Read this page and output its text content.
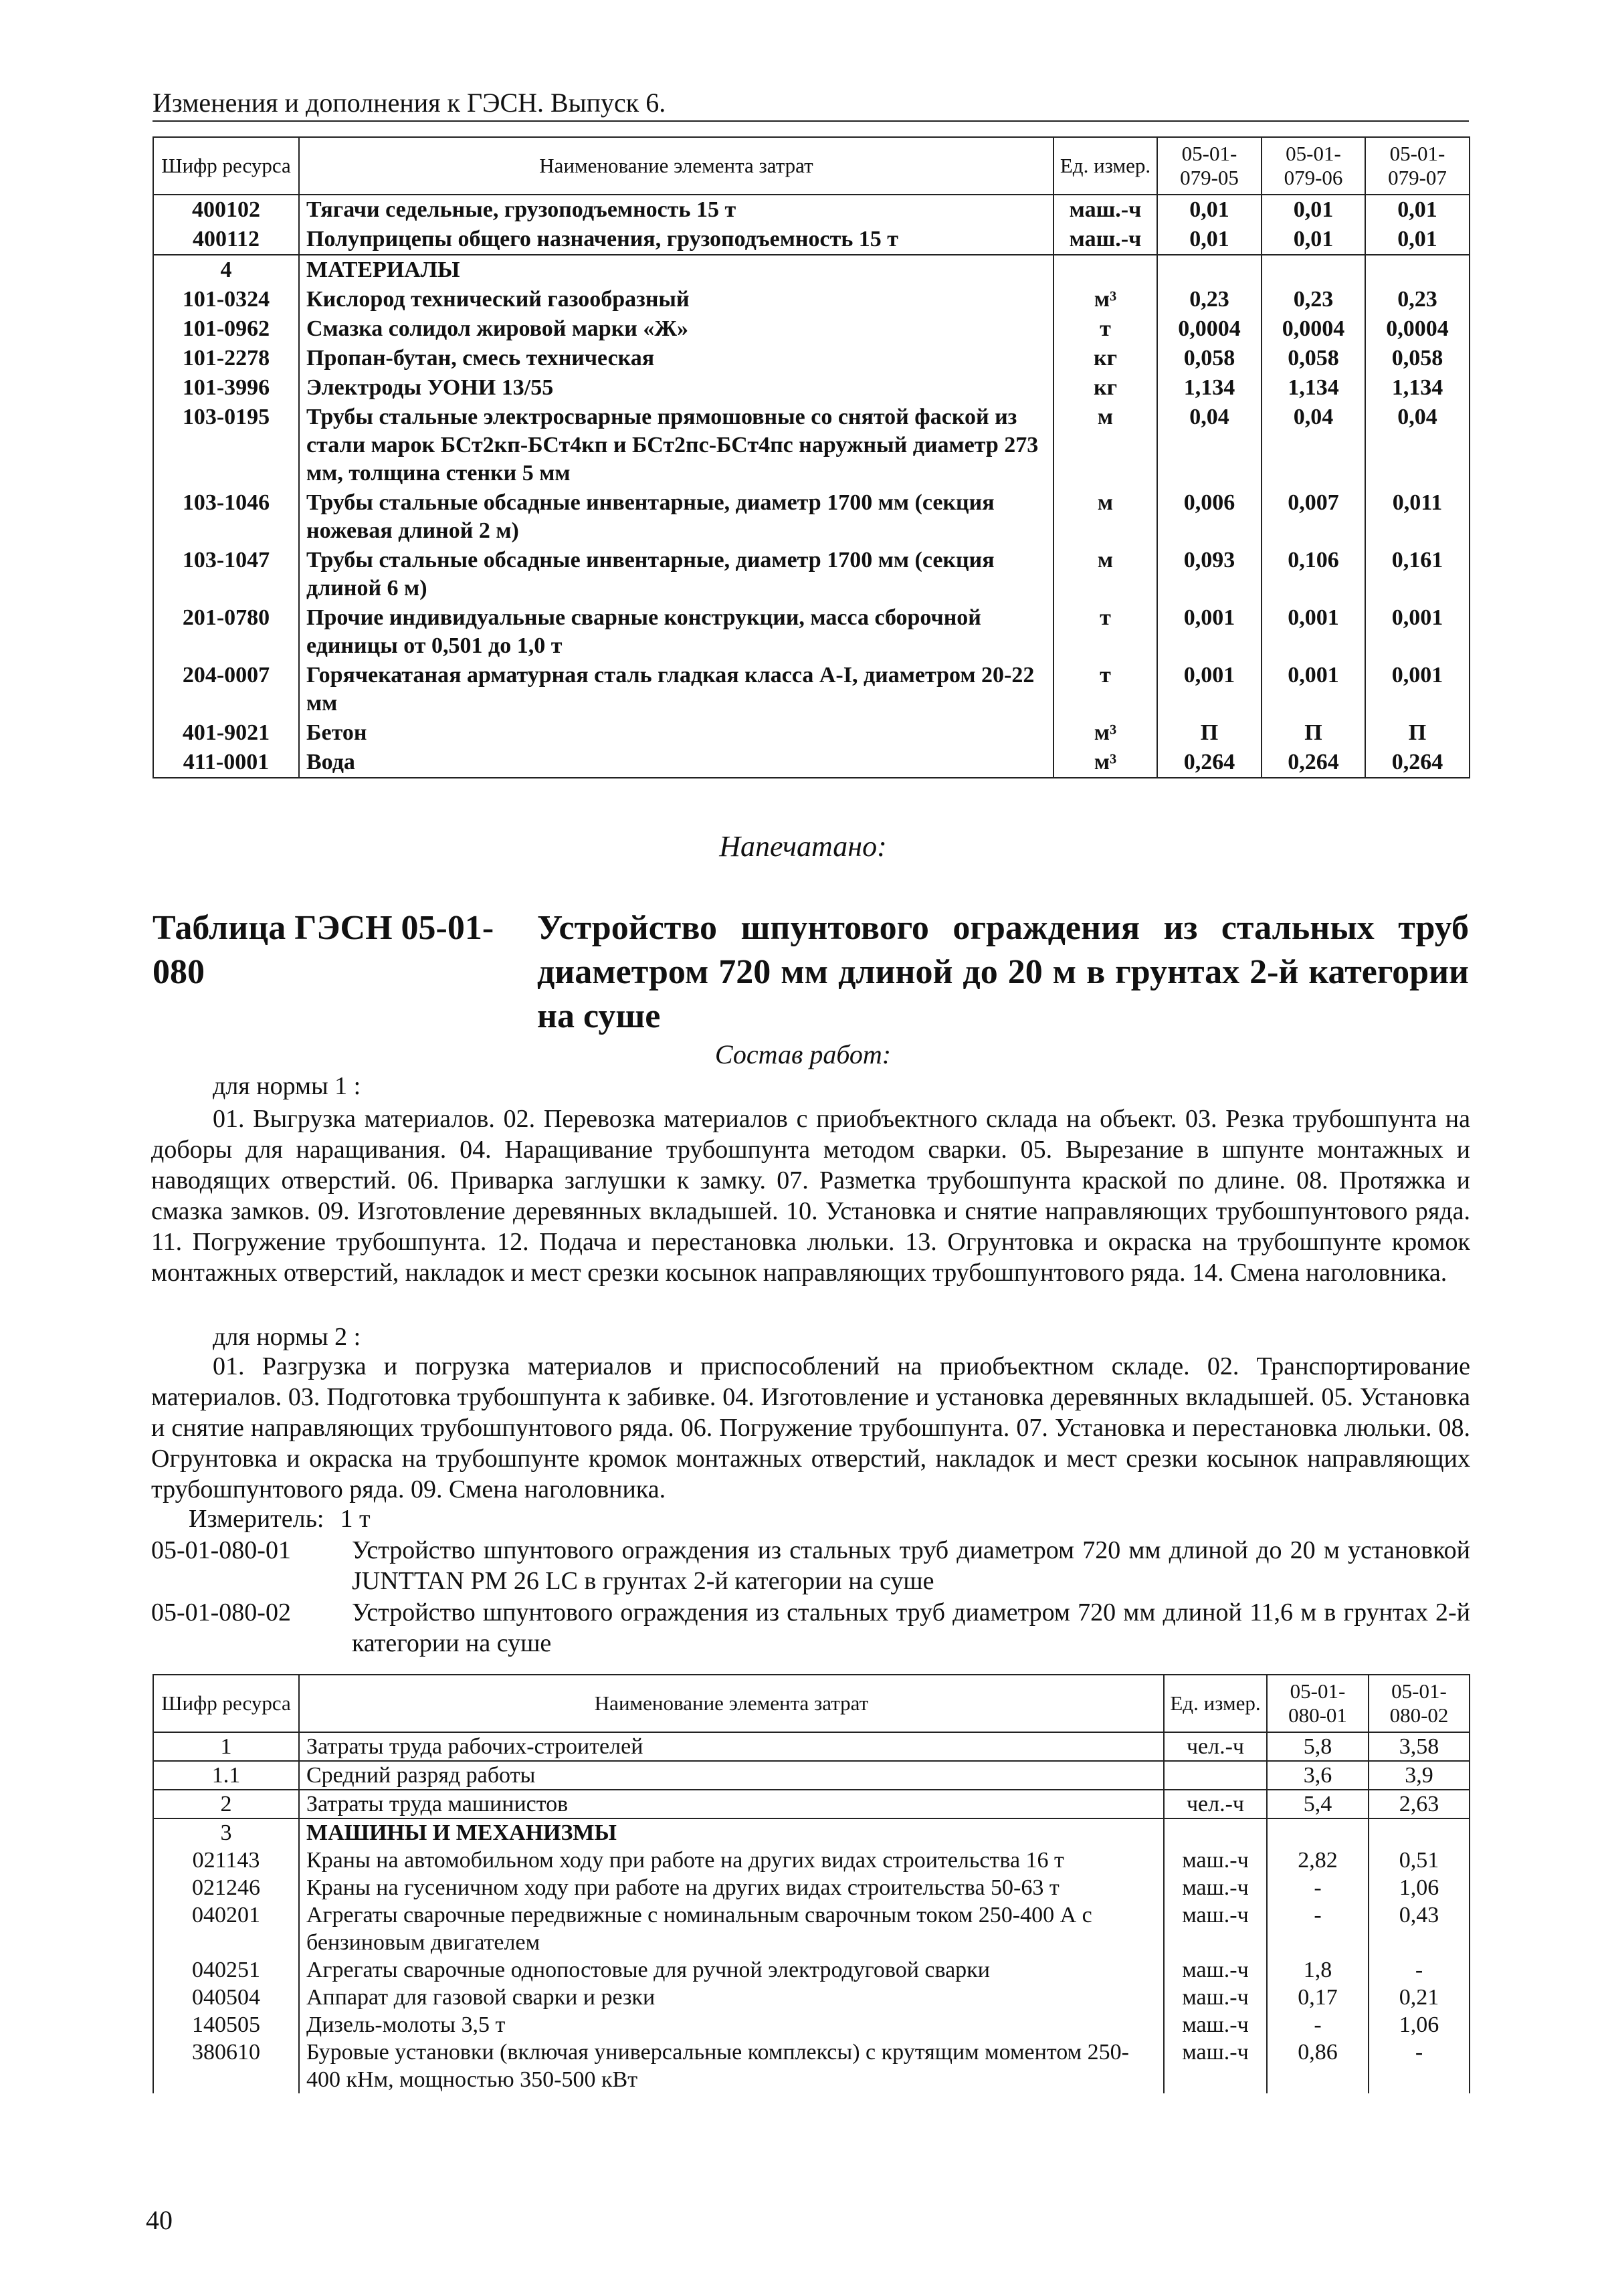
Изменения и дополнения к ГЭСН. Выпуск 6.
Шифр ресурса	Наименование элемента затрат	Ед. измер.	05-01-079-05	05-01-079-06	05-01-079-07
400102	Тягачи седельные, грузоподъемность 15 т	маш.-ч	0,01	0,01	0,01
400112	Полуприцепы общего назначения, грузоподъемность 15 т	маш.-ч	0,01	0,01	0,01
4	МАТЕРИАЛЫ				
101-0324	Кислород технический газообразный	м³	0,23	0,23	0,23
101-0962	Смазка солидол жировой марки «Ж»	т	0,0004	0,0004	0,0004
101-2278	Пропан-бутан, смесь техническая	кг	0,058	0,058	0,058
101-3996	Электроды УОНИ 13/55	кг	1,134	1,134	1,134
103-0195	Трубы стальные электросварные прямошовные со снятой фаской из стали марок БСт2кп-БСт4кп и БСт2пс-БСт4пс наружный диаметр 273 мм, толщина стенки 5 мм	м	0,04	0,04	0,04
103-1046	Трубы стальные обсадные инвентарные, диаметр 1700 мм (секция ножевая длиной 2 м)	м	0,006	0,007	0,011
103-1047	Трубы стальные обсадные инвентарные, диаметр 1700 мм (секция длиной 6 м)	м	0,093	0,106	0,161
201-0780	Прочие индивидуальные сварные конструкции, масса сборочной единицы от 0,501 до 1,0 т	т	0,001	0,001	0,001
204-0007	Горячекатаная арматурная сталь гладкая класса А-I, диаметром 20-22 мм	т	0,001	0,001	0,001
401-9021	Бетон	м³	П	П	П
411-0001	Вода	м³	0,264	0,264	0,264
Напечатано:
Таблица ГЭСН 05-01-080
Устройство шпунтового ограждения из стальных труб диаметром 720 мм длиной до 20 м в грунтах 2-й категории на суше
Состав работ:
для нормы 1 :

01. Выгрузка материалов. 02. Перевозка материалов с приобъектного склада на объект. 03. Резка трубошпунта на доборы для наращивания. 04. Наращивание трубошпунта методом сварки. 05. Вырезание в шпунте монтажных и наводящих отверстий. 06. Приварка заглушки к замку. 07. Разметка трубошпунта краской по длине. 08. Протяжка и смазка замков. 09. Изготовление деревянных вкладышей. 10. Установка и снятие направляющих трубошпунтового ряда. 11. Погружение трубошпунта. 12. Подача и перестановка люльки. 13. Огрунтовка и окраска на трубошпунте кромок монтажных отверстий, накладок и мест срезки косынок направляющих трубошпунтового ряда. 14. Смена наголовника.

для нормы 2 :

01. Разгрузка и погрузка материалов и приспособлений на приобъектном складе. 02. Транспортирование материалов. 03. Подготовка трубошпунта к забивке. 04. Изготовление и установка деревянных вкладышей. 05. Установка и снятие направляющих трубошпунтового ряда. 06. Погружение трубошпунта. 07. Установка и перестановка люльки. 08. Огрунтовка и окраска на трубошпунте кромок монтажных отверстий, накладок и мест срезки косынок направляющих трубошпунтового ряда. 09. Смена наголовника.

Измеритель: 1 т
05-01-080-01 Устройство шпунтового ограждения из стальных труб диаметром 720 мм длиной до 20 м установкой JUNTTAN PM 26 LC в грунтах 2-й категории на суше
05-01-080-02 Устройство шпунтового ограждения из стальных труб диаметром 720 мм длиной 11,6 м в грунтах 2-й категории на суше
Шифр ресурса	Наименование элемента затрат	Ед. измер.	05-01-080-01	05-01-080-02
1	Затраты труда рабочих-строителей	чел.-ч	5,8	3,58
1.1	Средний разряд работы		3,6	3,9
2	Затраты труда машинистов	чел.-ч	5,4	2,63
3	МАШИНЫ И МЕХАНИЗМЫ			
021143	Краны на автомобильном ходу при работе на других видах строительства 16 т	маш.-ч	2,82	0,51
021246	Краны на гусеничном ходу при работе на других видах строительства 50-63 т	маш.-ч	-	1,06
040201	Агрегаты сварочные передвижные с номинальным сварочным током 250-400 А с бензиновым двигателем	маш.-ч	-	0,43
040251	Агрегаты сварочные однопостовые для ручной электродуговой сварки	маш.-ч	1,8	-
040504	Аппарат для газовой сварки и резки	маш.-ч	0,17	0,21
140505	Дизель-молоты 3,5 т	маш.-ч	-	1,06
380610	Буровые установки (включая универсальные комплексы) с крутящим моментом 250-400 кНм, мощностью 350-500 кВт	маш.-ч	0,86	-
40
